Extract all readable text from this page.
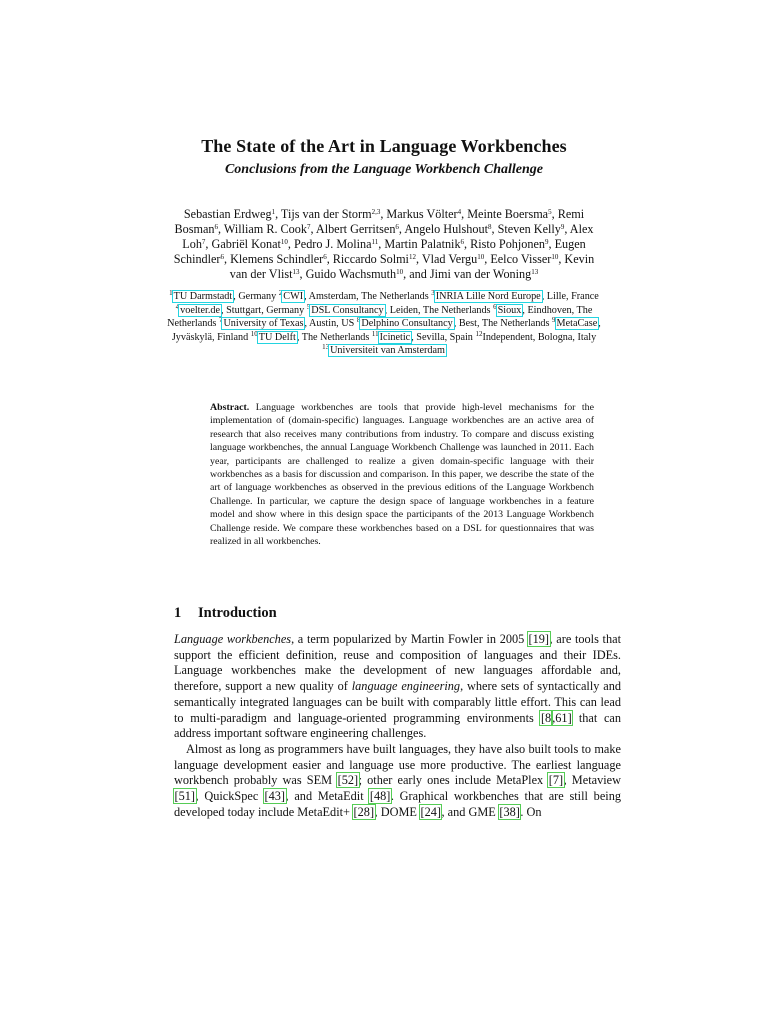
The State of the Art in Language Workbenches
Conclusions from the Language Workbench Challenge
Sebastian Erdweg$^1$, Tijs van der Storm$^{2,3}$, Markus Völter$^4$, Meinte Boersma$^5$, Remi Bosman$^6$, William R. Cook$^7$, Albert Gerritsen$^6$, Angelo Hulshout$^8$, Steven Kelly$^9$, Alex Loh$^7$, Gabriël Konat$^{10}$, Pedro J. Molina$^{11}$, Martin Palatnik$^6$, Risto Pohjonen$^9$, Eugen Schindler$^6$, Klemens Schindler$^6$, Riccardo Solmi$^{12}$, Vlad Vergu$^{10}$, Eelco Visser$^{10}$, Kevin van der Vlist$^{13}$, Guido Wachsmuth$^{10}$, and Jimi van der Woning$^{13}$
$^1$TU Darmstadt, Germany $^2$CWI, Amsterdam, The Netherlands $^3$INRIA Lille Nord Europe, Lille, France $^4$voelter.de, Stuttgart, Germany $^5$DSL Consultancy, Leiden, The Netherlands $^6$Sioux, Eindhoven, The Netherlands $^7$University of Texas, Austin, US $^8$Delphino Consultancy, Best, The Netherlands $^9$MetaCase, Jyväskylä, Finland $^{10}$TU Delft, The Netherlands $^{11}$Icinetic, Sevilla, Spain $^{12}$Independent, Bologna, Italy $^{13}$Universiteit van Amsterdam
Abstract. Language workbenches are tools that provide high-level mechanisms for the implementation of (domain-specific) languages. Language workbenches are an active area of research that also receives many contributions from industry. To compare and discuss existing language workbenches, the annual Language Workbench Challenge was launched in 2011. Each year, participants are challenged to realize a given domain-specific language with their workbenches as a basis for discussion and comparison. In this paper, we describe the state of the art of language workbenches as observed in the previous editions of the Language Workbench Challenge. In particular, we capture the design space of language workbenches in a feature model and show where in this design space the participants of the 2013 Language Workbench Challenge reside. We compare these workbenches based on a DSL for questionnaires that was realized in all workbenches.
1 Introduction

Language workbenches, a term popularized by Martin Fowler in 2005 [19], are tools that support the efficient definition, reuse and composition of languages and their IDEs. Language workbenches make the development of new languages affordable and, therefore, support a new quality of language engineering, where sets of syntactically and semantically integrated languages can be built with comparably little effort. This can lead to multi-paradigm and language-oriented programming environments [8,61] that can address important software engineering challenges.

Almost as long as programmers have built languages, they have also built tools to make language development easier and language use more productive. The earliest language workbench probably was SEM [52]; other early ones include MetaPlex [7], Metaview [51], QuickSpec [43], and MetaEdit [48]. Graphical workbenches that are still being developed today include MetaEdit+ [28], DOME [24], and GME [38]. On
